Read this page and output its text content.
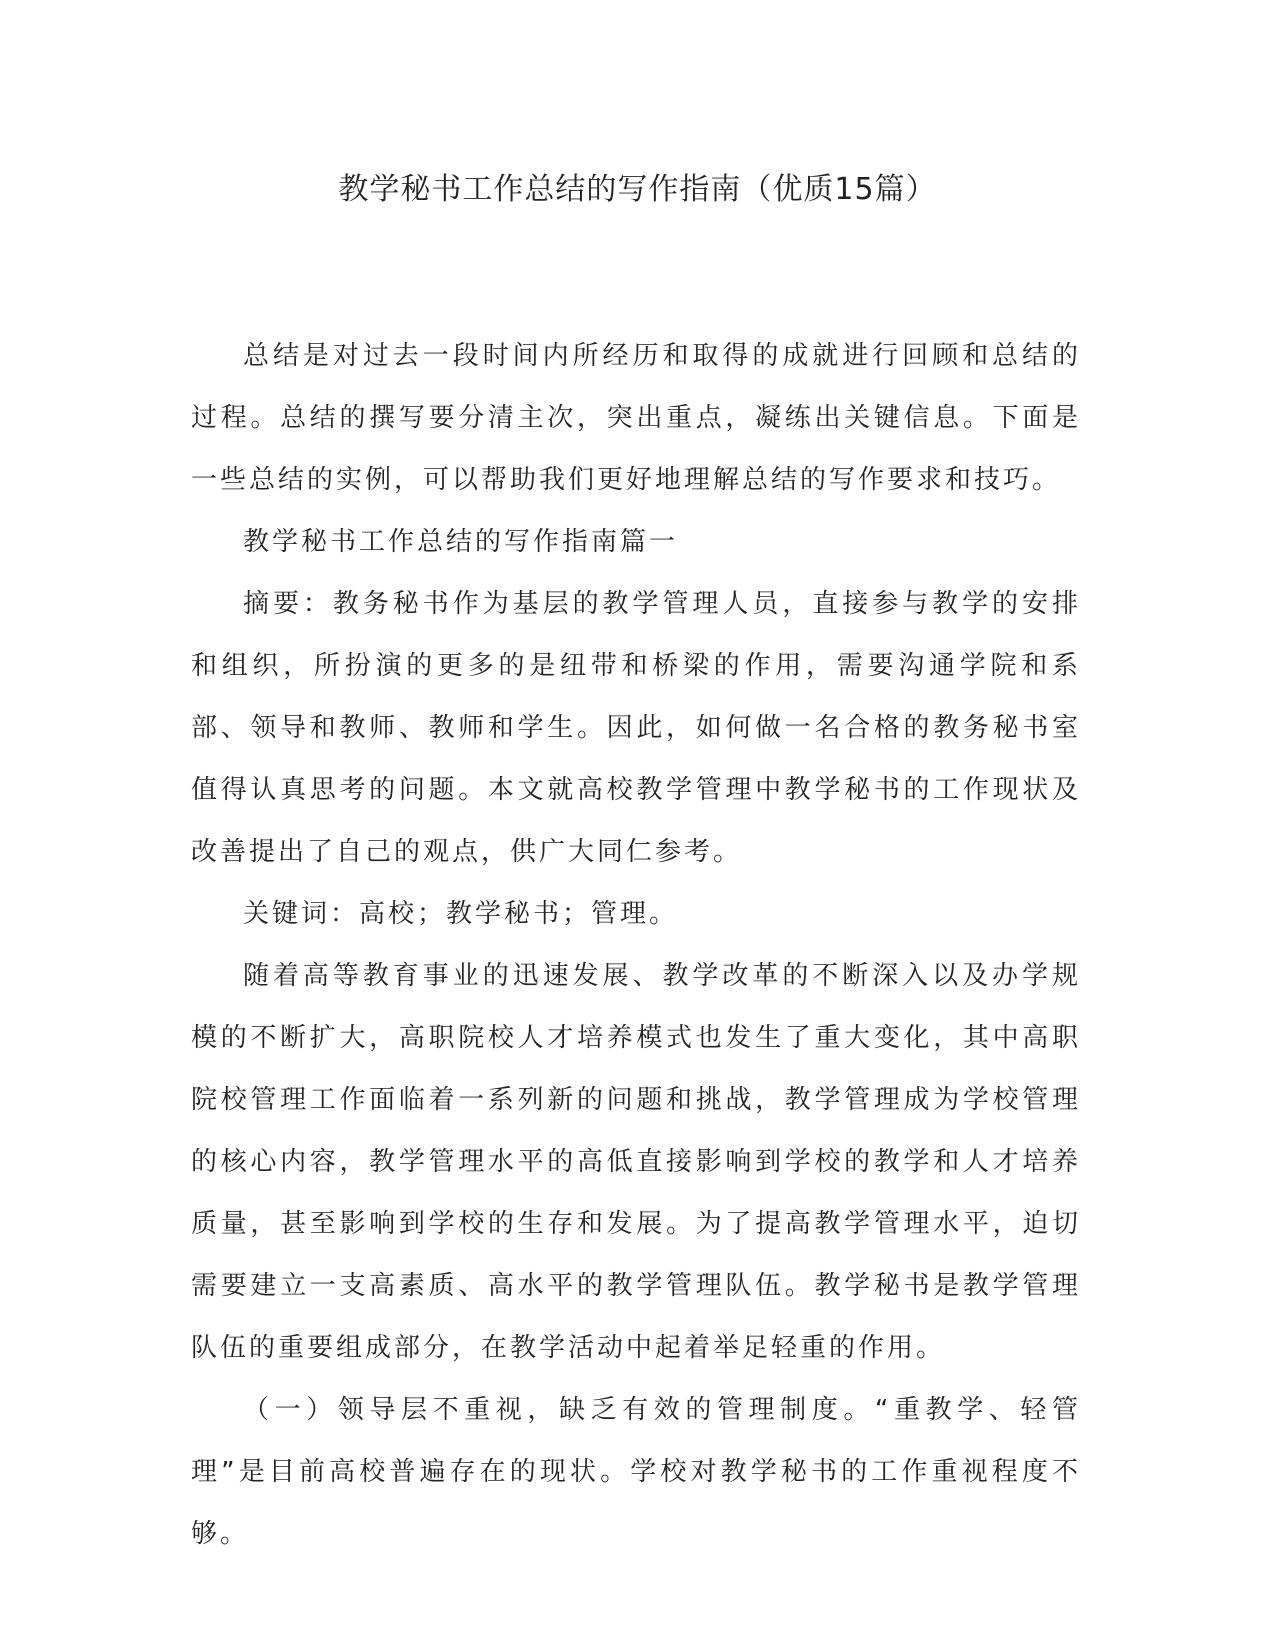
教学秘书工作总结的写作指南（优质15篇）

总结是对过去一段时间内所经历和取得的成就进行回顾和总结的过程。总结的撰写要分清主次，突出重点，凝练出关键信息。下面是一些总结的实例，可以帮助我们更好地理解总结的写作要求和技巧。

教学秘书工作总结的写作指南篇一

摘要：教务秘书作为基层的教学管理人员，直接参与教学的安排和组织，所扮演的更多的是纽带和桥梁的作用，需要沟通学院和系部、领导和教师、教师和学生。因此，如何做一名合格的教务秘书室值得认真思考的问题。本文就高校教学管理中教学秘书的工作现状及改善提出了自己的观点，供广大同仁参考。

关键词：高校；教学秘书；管理。

随着高等教育事业的迅速发展、教学改革的不断深入以及办学规模的不断扩大，高职院校人才培养模式也发生了重大变化，其中高职院校管理工作面临着一系列新的问题和挑战，教学管理成为学校管理的核心内容，教学管理水平的高低直接影响到学校的教学和人才培养质量，甚至影响到学校的生存和发展。为了提高教学管理水平，迫切需要建立一支高素质、高水平的教学管理队伍。教学秘书是教学管理队伍的重要组成部分，在教学活动中起着举足轻重的作用。

（一）领导层不重视，缺乏有效的管理制度。“重教学、轻管理”是目前高校普遍存在的现状。学校对教学秘书的工作重视程度不够。
